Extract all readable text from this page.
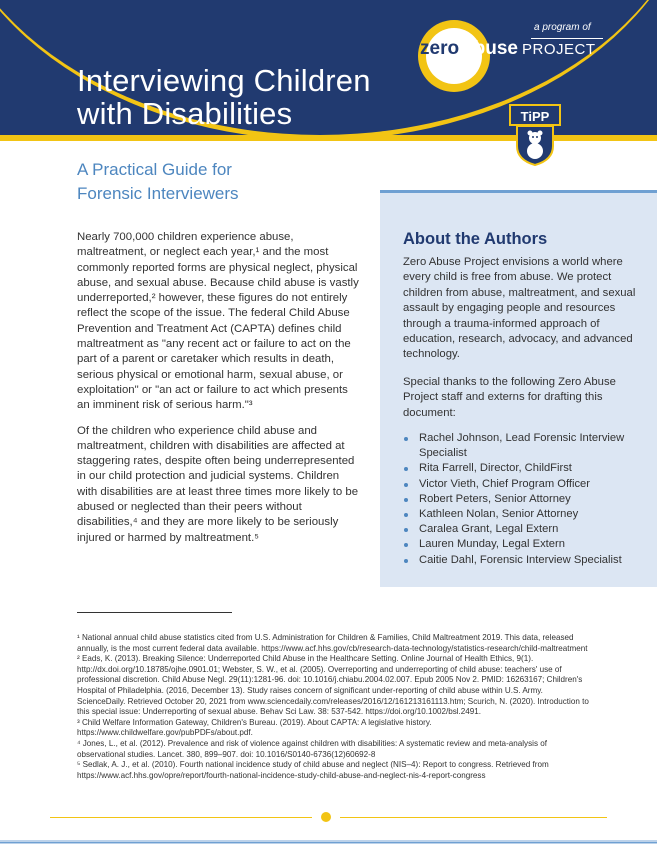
Interviewing Children
with Disabilities
a program of
zero abuse PROJECT
TiPP
A Practical Guide for
Forensic Interviewers

Nearly 700,000 children experience abuse, maltreatment, or neglect each year,¹ and the most commonly reported forms are physical neglect, physical abuse, and sexual abuse. Because child abuse is vastly underreported,² however, these figures do not entirely reflect the scope of the issue. The federal Child Abuse Prevention and Treatment Act (CAPTA) defines child maltreatment as "any recent act or failure to act on the part of a parent or caretaker which results in death, serious physical or emotional harm, sexual abuse, or exploitation" or "an act or failure to act which presents an imminent risk of serious harm."³

Of the children who experience child abuse and maltreatment, children with disabilities are affected at staggering rates, despite often being underrepresented in our child protection and judicial systems. Children with disabilities are at least three times more likely to be abused or neglected than their peers without disabilities,⁴ and they are more likely to be seriously injured or harmed by maltreatment.⁵

About the Authors

Zero Abuse Project envisions a world where every child is free from abuse. We protect children from abuse, maltreatment, and sexual assault by engaging people and resources through a trauma-informed approach of education, research, advocacy, and advanced technology.

Special thanks to the following Zero Abuse Project staff and externs for drafting this document:

Rachel Johnson, Lead Forensic Interview Specialist
Rita Farrell, Director, ChildFirst
Victor Vieth, Chief Program Officer
Robert Peters, Senior Attorney
Kathleen Nolan, Senior Attorney
Caralea Grant, Legal Extern
Lauren Munday, Legal Extern
Caitie Dahl, Forensic Interview Specialist

¹ National annual child abuse statistics cited from U.S. Administration for Children & Families, Child Maltreatment 2019. This data, released annually, is the most current federal data available. https://www.acf.hhs.gov/cb/research-data-technology/statistics-research/child-maltreatment

² Eads, K. (2013). Breaking Silence: Underreported Child Abuse in the Healthcare Setting. Online Journal of Health Ethics, 9(1). http://dx.doi.org/10.18785/ojhe.0901.01; Webster, S. W., et al. (2005). Overreporting and underreporting of child abuse: teachers' use of professional discretion. Child Abuse Negl. 29(11):1281-96. doi: 10.1016/j.chiabu.2004.02.007. Epub 2005 Nov 2. PMID: 16263167; Children's Hospital of Philadelphia. (2016, December 13). Study raises concern of significant under-reporting of child abuse within U.S. Army. ScienceDaily. Retrieved October 20, 2021 from www.sciencedaily.com/releases/2016/12/161213161113.htm; Scurich, N. (2020). Introduction to this special issue: Underreporting of sexual abuse. Behav Sci Law. 38: 537-542. https://doi.org/10.1002/bsl.2491.

³ Child Welfare Information Gateway, Children's Bureau. (2019). About CAPTA: A legislative history. https://www.childwelfare.gov/pubPDFs/about.pdf.

⁴ Jones, L., et al. (2012). Prevalence and risk of violence against children with disabilities: A systematic review and meta-analysis of observational studies. Lancet. 380, 899–907. doi: 10.1016/S0140-6736(12)60692-8

⁵ Sedlak, A. J., et al. (2010). Fourth national incidence study of child abuse and neglect (NIS–4): Report to congress. Retrieved from https://www.acf.hhs.gov/opre/report/fourth-national-incidence-study-child-abuse-and-neglect-nis-4-report-congress
